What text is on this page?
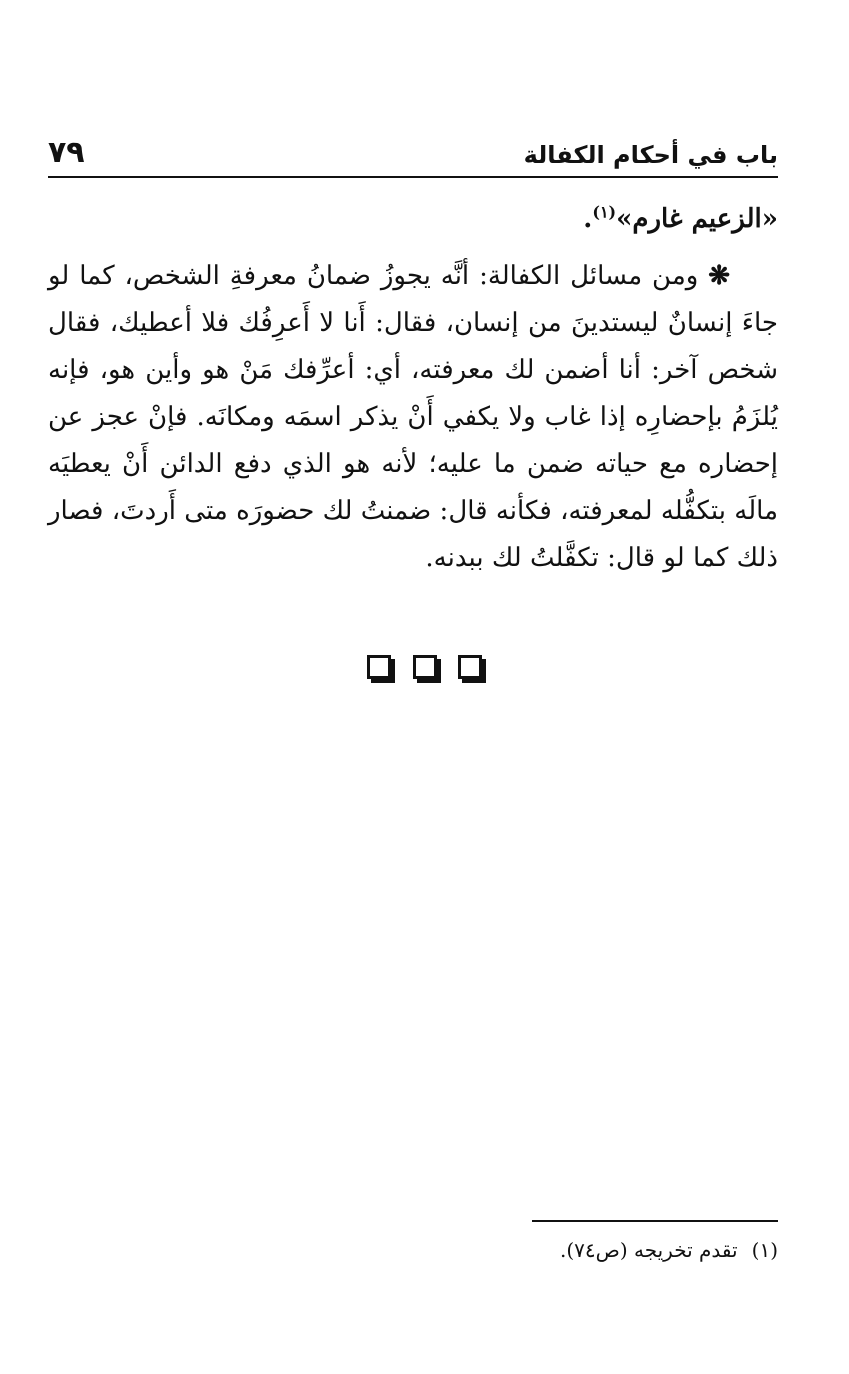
باب في أحكام الكفالة
٧٩

«الزعيم غارم»$^{(١)}$.

❋ ومن مسائل الكفالة: أنَّه يجوزُ ضمانُ معرفةِ الشخص، كما لو جاءَ إنسانٌ ليستدينَ من إنسان، فقال: أَنا لا أَعرِفُك فلا أعطيك، فقال شخص آخر: أنا أضمن لك معرفته، أي: أعرِّفك مَنْ هو وأين هو، فإنه يُلزَمُ بإحضارِه إذا غاب ولا يكفي أَنْ يذكر اسمَه ومكانَه. فإنْ عجز عن إحضاره مع حياته ضمن ما عليه؛ لأنه هو الذي دفع الدائن أَنْ يعطيَه مالَه بتكفُّله لمعرفته، فكأنه قال: ضمنتُ لك حضورَه متى أَردتَ، فصار ذلك كما لو قال: تكفَّلتُ لك ببدنه.

(١)تقدم تخريجه (ص٧٤).
